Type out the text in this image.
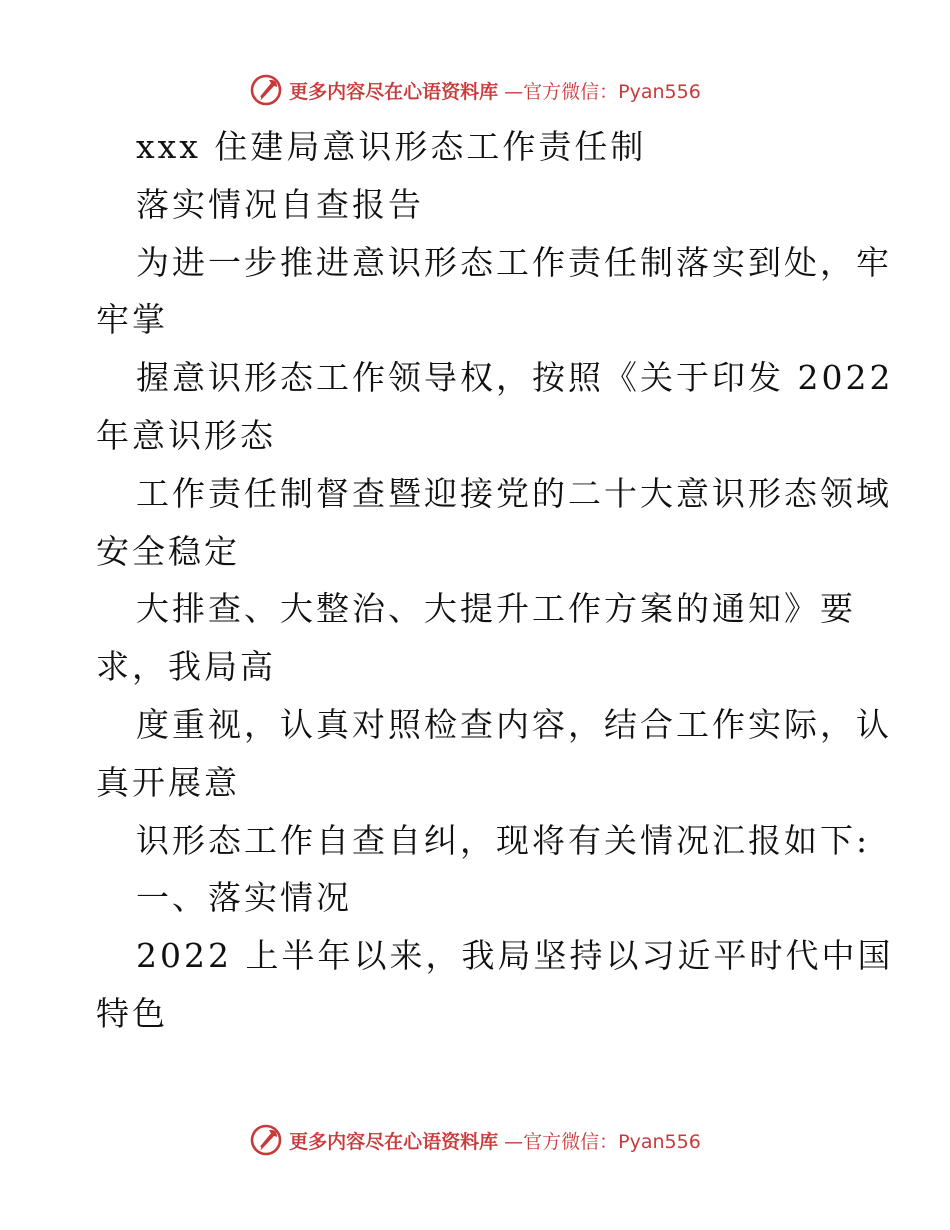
更多内容尽在心语资料库 —官方微信：Pyan556
xxx 住建局意识形态工作责任制
落实情况自查报告
为进一步推进意识形态工作责任制落实到处，牢
牢掌
握意识形态工作领导权，按照《关于印发 2022
年意识形态
工作责任制督查暨迎接党的二十大意识形态领域
安全稳定
大排查、大整治、大提升工作方案的通知》要
求，我局高
度重视，认真对照检查内容，结合工作实际，认
真开展意
识形态工作自查自纠，现将有关情况汇报如下:
一、落实情况
2022 上半年以来，我局坚持以习近平时代中国
特色
更多内容尽在心语资料库 —官方微信：Pyan556
